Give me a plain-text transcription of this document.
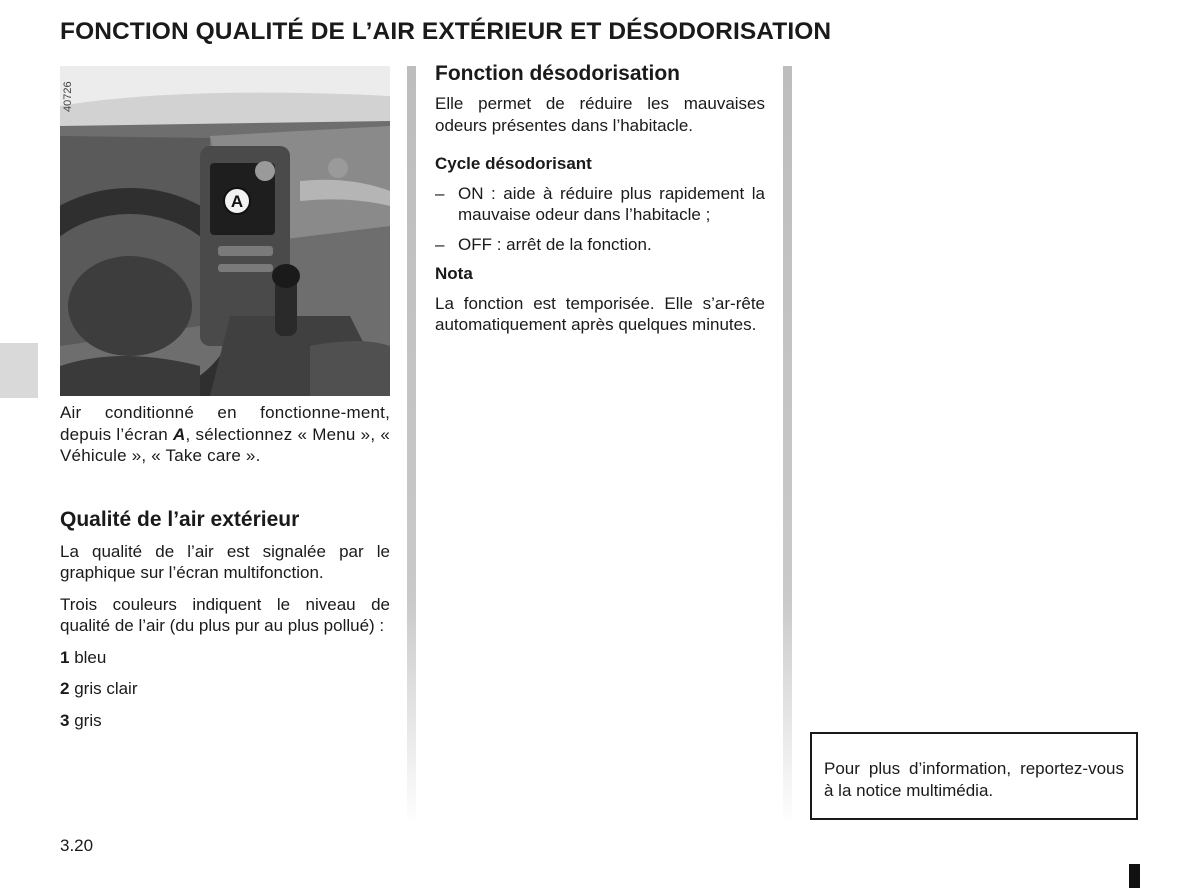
FONCTION QUALITÉ DE L’AIR EXTÉRIEUR ET DÉSODORISATION
A
40726

Air conditionné en fonctionne-ment, depuis l’écran A, sélectionnez « Menu », « Véhicule », « Take care ».

Qualité de l’air extérieur

La qualité de l’air est signalée par le graphique sur l’écran multifonction.

Trois couleurs indiquent le niveau de qualité de l’air (du plus pur au plus pollué) :

1 bleu

2 gris clair

3 gris

Fonction désodorisation

Elle permet de réduire les mauvaises odeurs présentes dans l’habitacle.

Cycle désodorisant
– ON : aide à réduire plus rapidement la mauvaise odeur dans l’habitacle ;
– OFF : arrêt de la fonction.
Nota

La fonction est temporisée. Elle s’ar-rête automatiquement après quelques minutes.

Pour plus d’information, reportez-vous à la notice multimédia.
3.20
